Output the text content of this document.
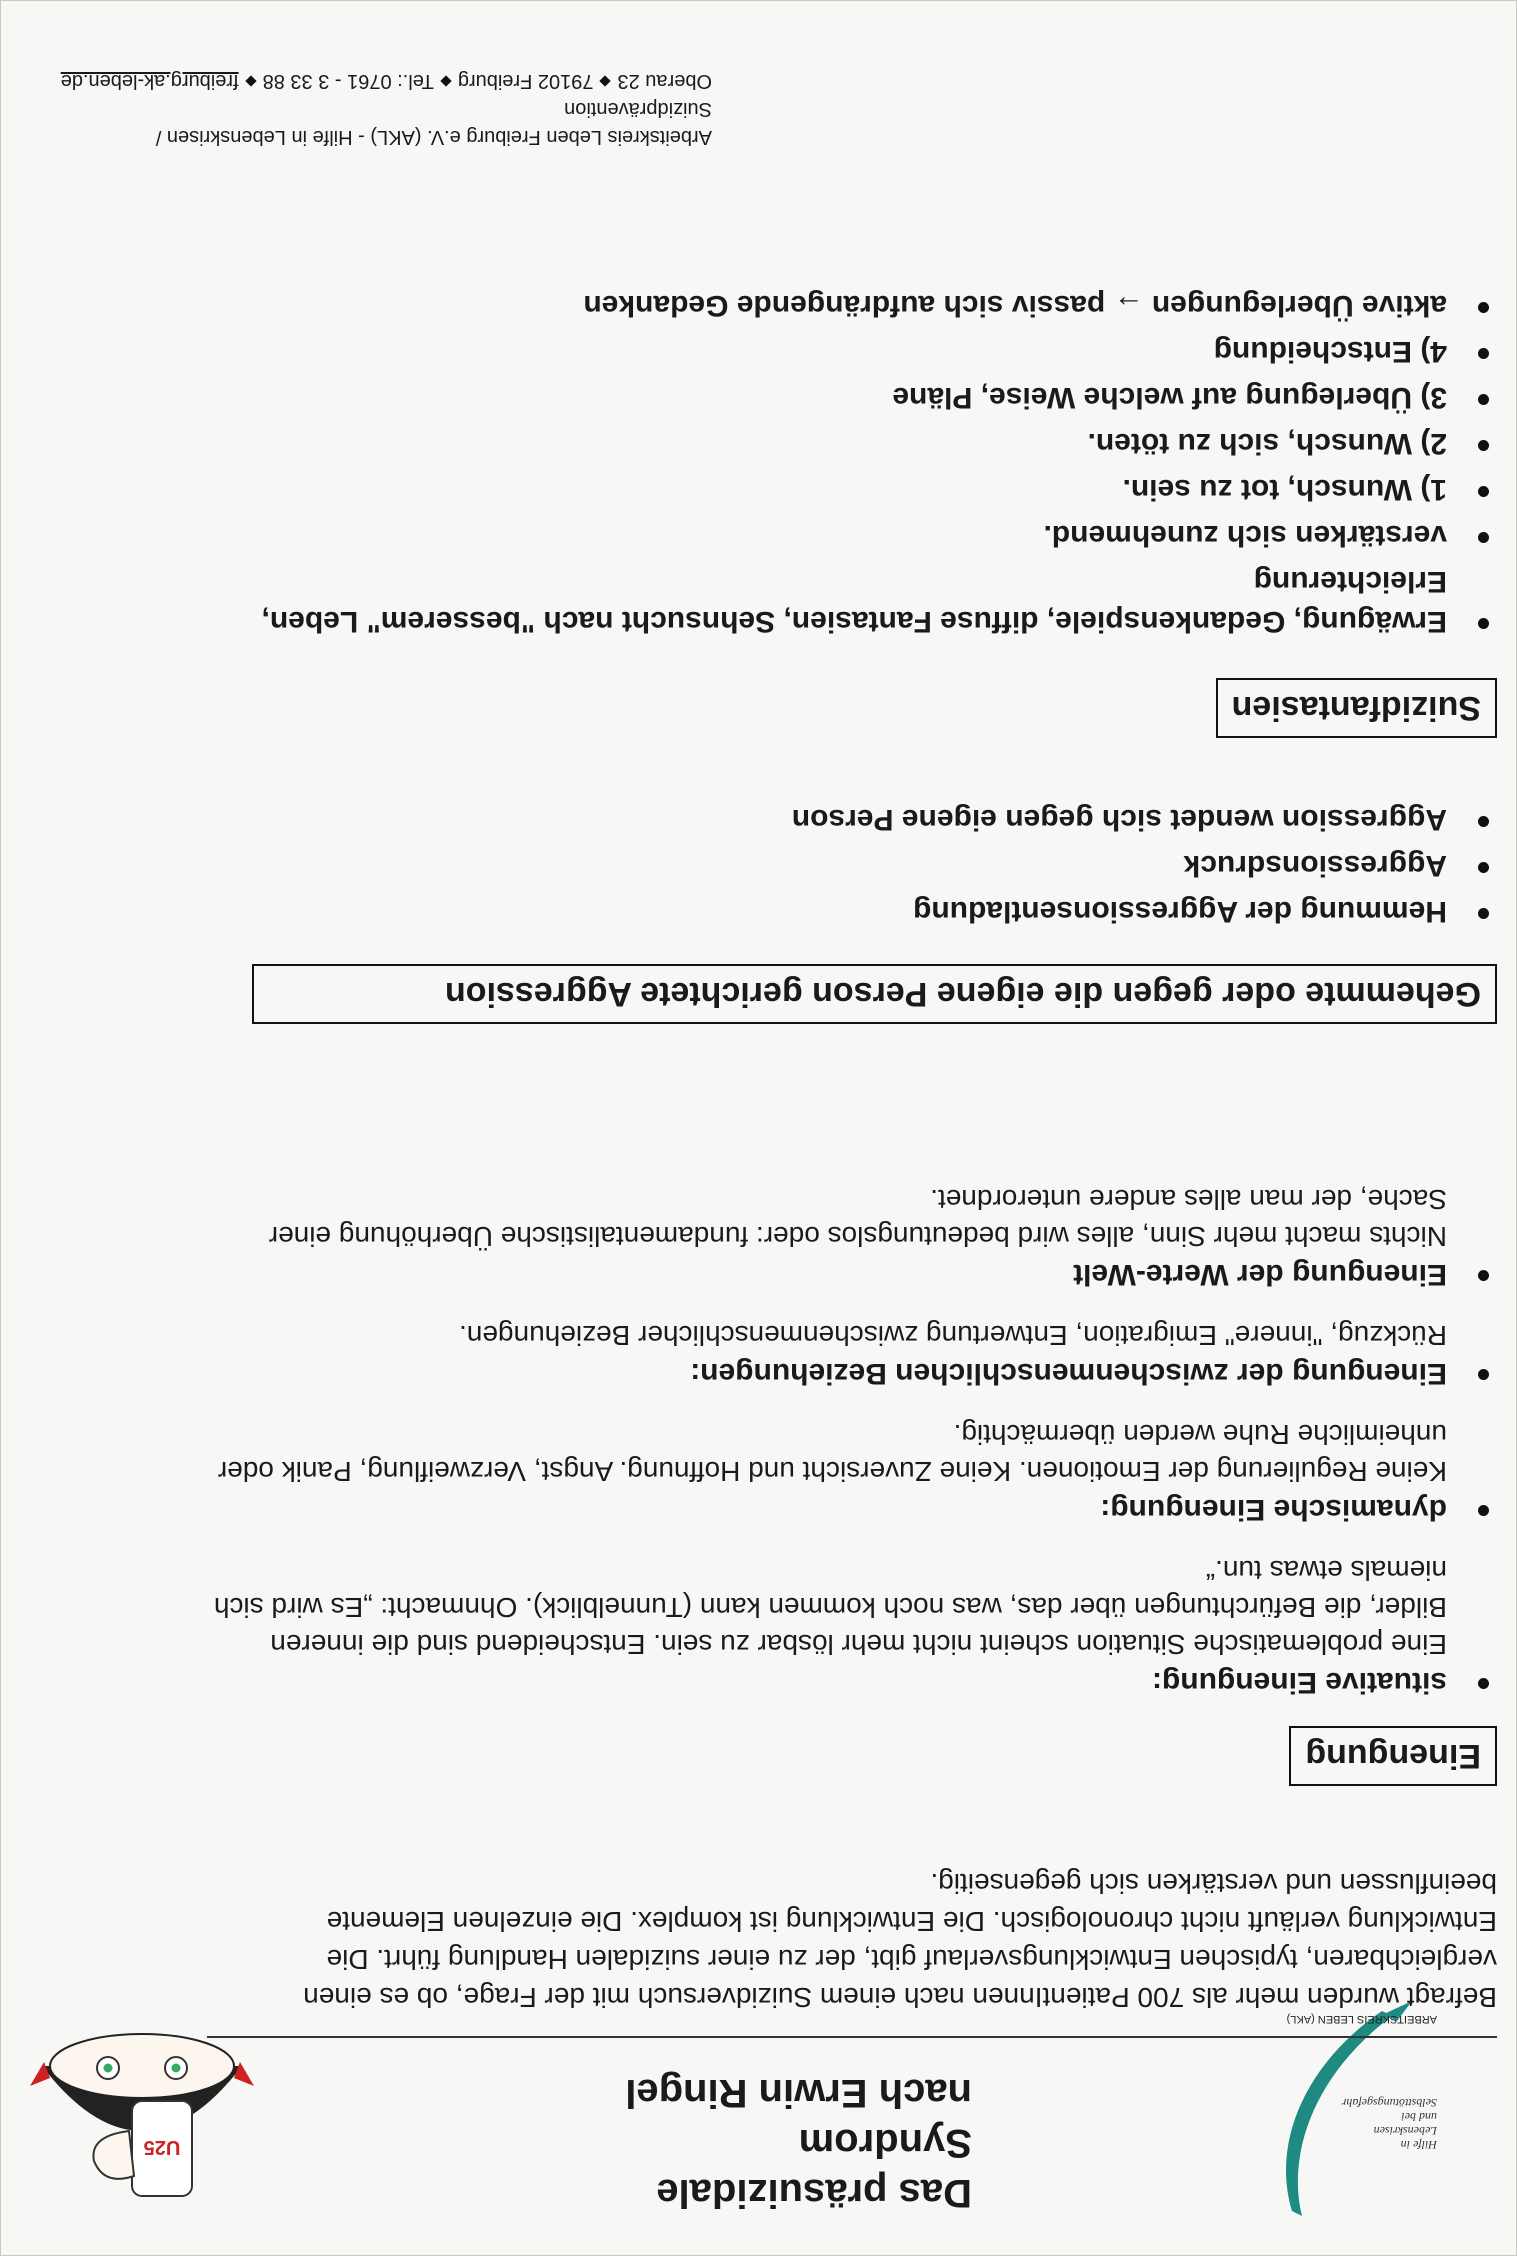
Das präsuizidale Syndrom
nach Erwin Ringel
Hilfe in
Lebenskrisen
und bei
Selbsttötungsgefahr
ARBEITSKREIS LEBEN (AKL)
U25
Befragt wurden mehr als 700 PatientInnen nach einem Suizidversuch mit der Frage, ob es einen vergleichbaren, typischen Entwicklungsverlauf gibt, der zu einer suizidalen Handlung führt. Die Entwicklung verläuft nicht chronologisch. Die Entwicklung ist komplex. Die einzelnen Elemente beeinflussen und verstärken sich gegenseitig.
Einengung
situative Einengung:

Eine problematische Situation scheint nicht mehr lösbar zu sein. Entscheidend sind die inneren Bilder, die Befürchtungen über das, was noch kommen kann (Tunnelblick). Ohnmacht: „Es wird sich niemals etwas tun.“

dynamische Einengung:

Keine Regulierung der Emotionen. Keine Zuversicht und Hoffnung. Angst, Verzweiflung, Panik oder unheimliche Ruhe werden übermächtig.

Einengung der zwischenmenschlichen Beziehungen:

Rückzug, "innere" Emigration, Entwertung zwischenmenschlicher Beziehungen.

Einengung der Werte-Welt

Nichts macht mehr Sinn, alles wird bedeutungslos oder: fundamentalistische Überhöhung einer Sache, der man alles andere unterordnet.

Gehemmte oder gegen die eigene Person gerichtete Aggression
Hemmung der Aggressionsentladung
Aggressionsdruck
Aggression wendet sich gegen eigene Person
Suizidfantasien
Erwägung, Gedankenspiele, diffuse Fantasien, Sehnsucht nach "besserem" Leben, Erleichterung
verstärken sich zunehmend.
1) Wunsch, tot zu sein.
2) Wunsch, sich zu töten.
3) Überlegung auf welche Weise, Pläne
4) Entscheidung
aktive Überlegungen → passiv sich aufdrängende Gedanken
Arbeitskreis Leben Freiburg e.V. (AKL) - Hilfe in Lebenskrisen / Suizidprävention
Oberau 2379102 FreiburgTel.: 0761 - 3 33 88freiburg.ak-leben.de
